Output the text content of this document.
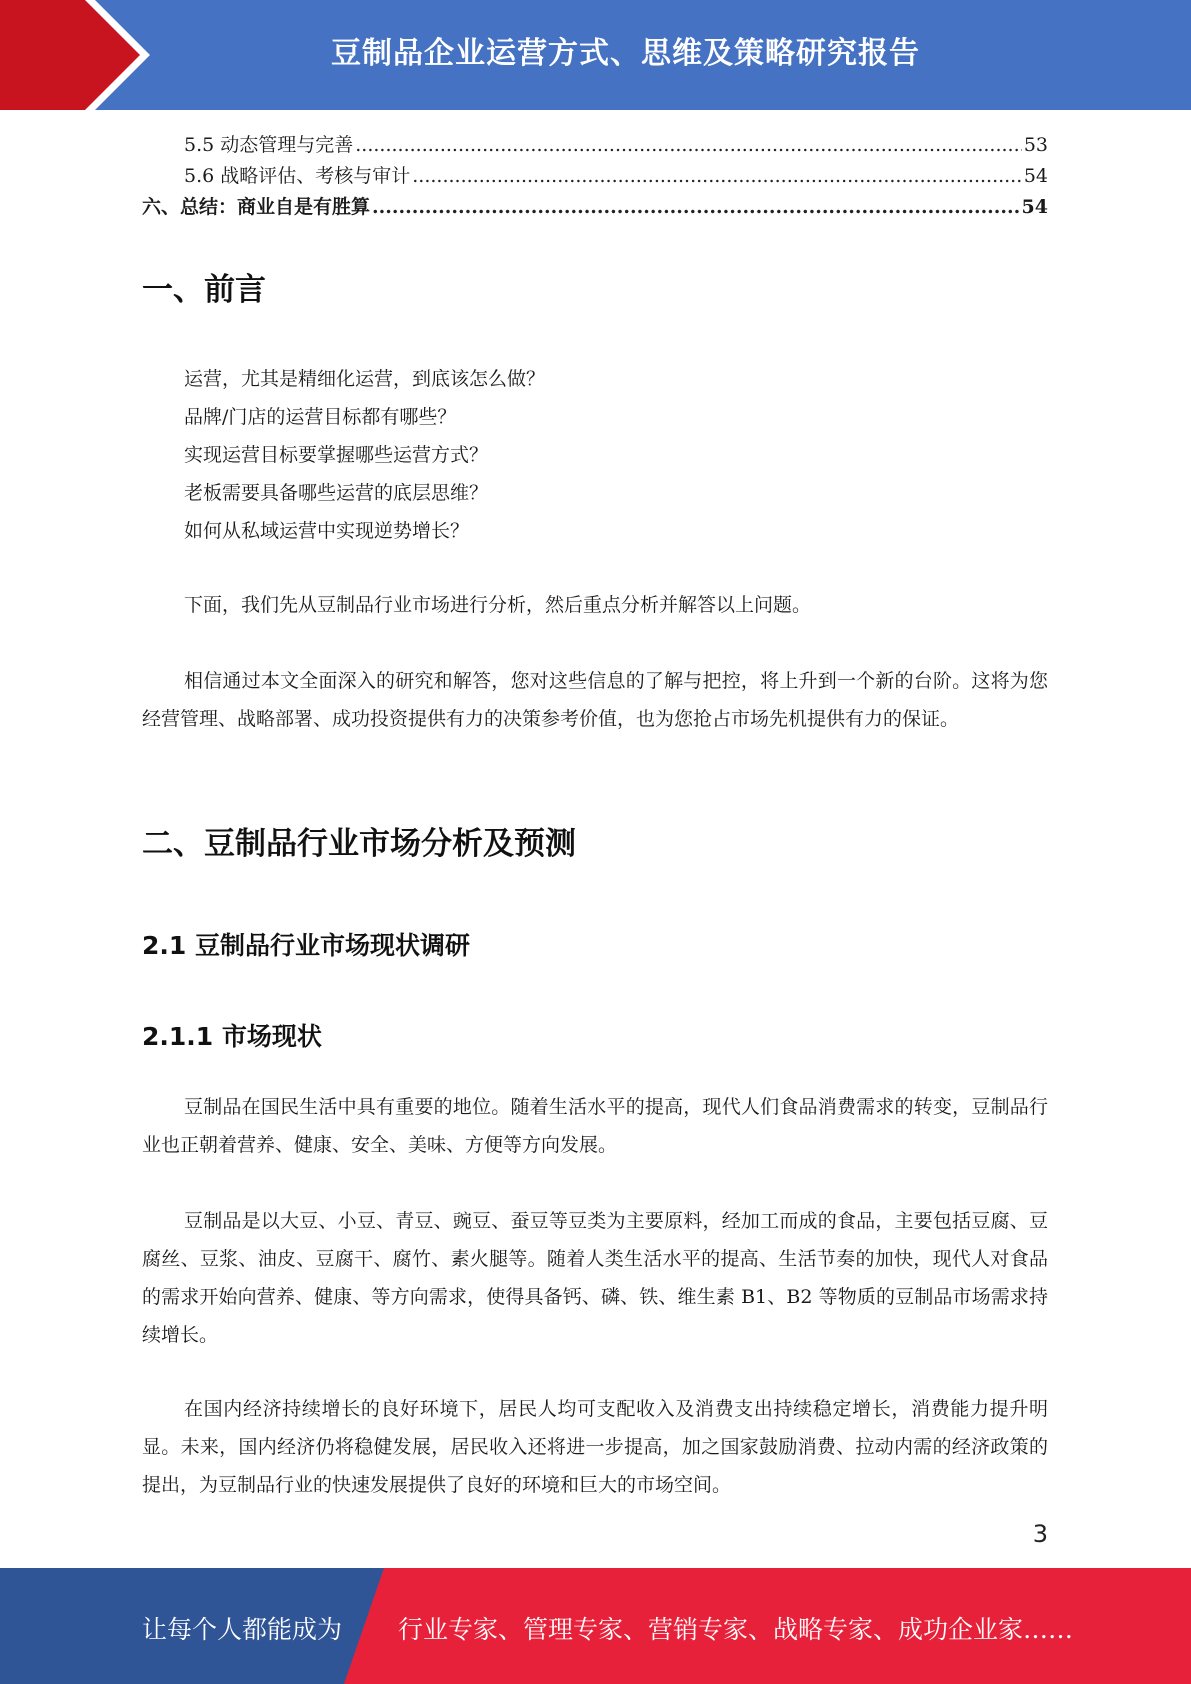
豆制品企业运营方式、思维及策略研究报告
5.5 动态管理与完善 .....	53
5.6 战略评估、考核与审计 .....	54
六、总结：商业自是有胜算 .....	54
一、前言
运营，尤其是精细化运营，到底该怎么做？
品牌/门店的运营目标都有哪些？
实现运营目标要掌握哪些运营方式？
老板需要具备哪些运营的底层思维？
如何从私域运营中实现逆势增长？

下面，我们先从豆制品行业市场进行分析，然后重点分析并解答以上问题。

相信通过本文全面深入的研究和解答，您对这些信息的了解与把控，将上升到一个新的台阶。这将为您经营管理、战略部署、成功投资提供有力的决策参考价值，也为您抢占市场先机提供有力的保证。

二、豆制品行业市场分析及预测
2.1 豆制品行业市场现状调研
2.1.1 市场现状

豆制品在国民生活中具有重要的地位。随着生活水平的提高，现代人们食品消费需求的转变，豆制品行业也正朝着营养、健康、安全、美味、方便等方向发展。

豆制品是以大豆、小豆、青豆、豌豆、蚕豆等豆类为主要原料，经加工而成的食品，主要包括豆腐、豆腐丝、豆浆、油皮、豆腐干、腐竹、素火腿等。随着人类生活水平的提高、生活节奏的加快，现代人对食品的需求开始向营养、健康、等方向需求，使得具备钙、磷、铁、维生素 B1、B2 等物质的豆制品市场需求持续增长。

在国内经济持续增长的良好环境下，居民人均可支配收入及消费支出持续稳定增长，消费能力提升明显。未来，国内经济仍将稳健发展，居民收入还将进一步提高，加之国家鼓励消费、拉动内需的经济政策的提出，为豆制品行业的快速发展提供了良好的环境和巨大的市场空间。

3
让每个人都能成为 行业专家、管理专家、营销专家、战略专家、成功企业家……
